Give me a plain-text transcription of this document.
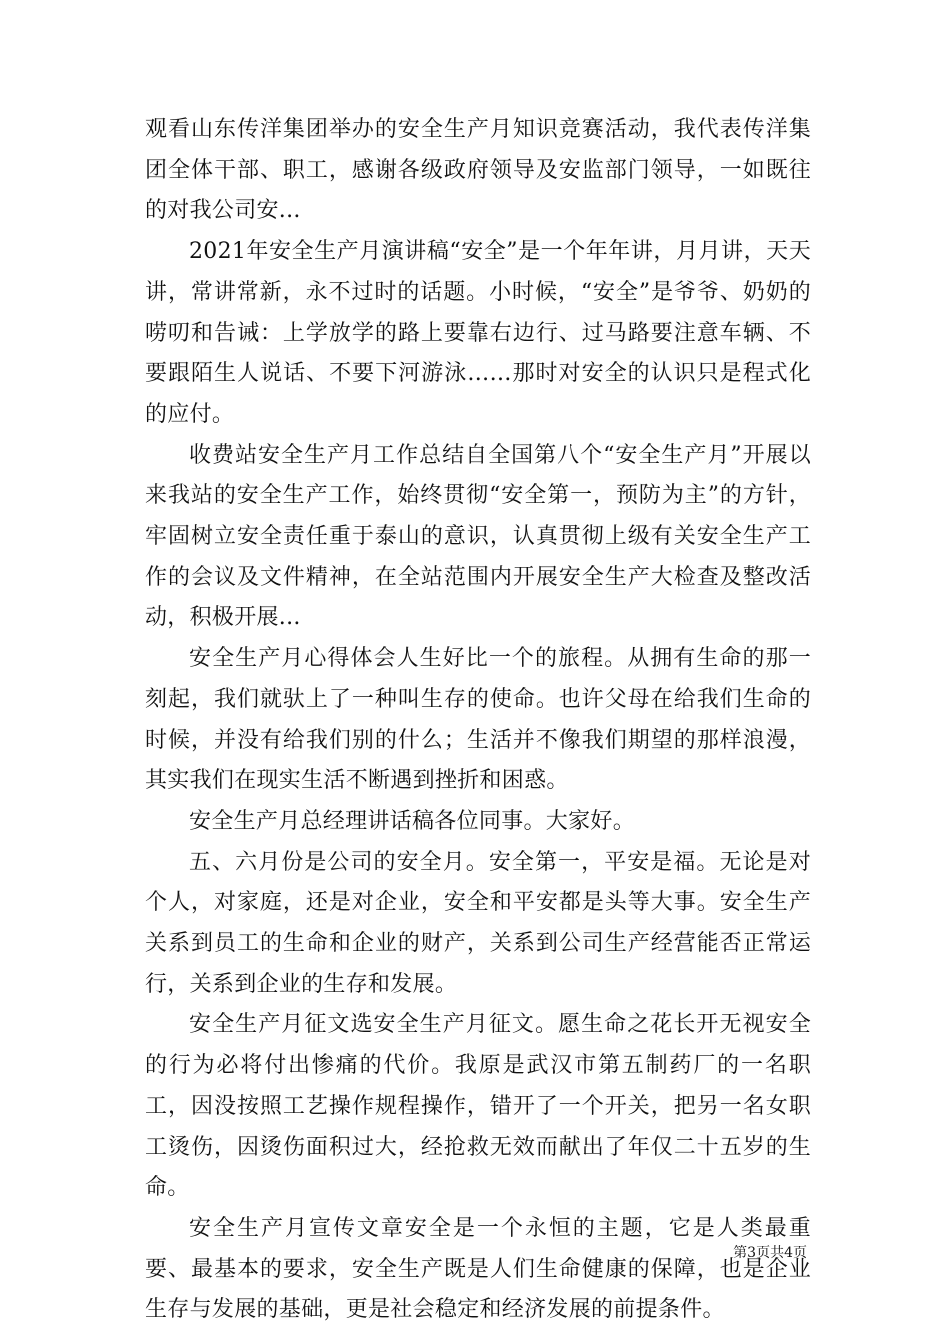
观看山东传洋集团举办的安全生产月知识竞赛活动，我代表传洋集团全体干部、职工，感谢各级政府领导及安监部门领导，一如既往的对我公司安...

2021年安全生产月演讲稿“安全”是一个年年讲，月月讲，天天讲，常讲常新，永不过时的话题。小时候，“安全”是爷爷、奶奶的唠叨和告诫：上学放学的路上要靠右边行、过马路要注意车辆、不要跟陌生人说话、不要下河游泳……那时对安全的认识只是程式化的应付。

收费站安全生产月工作总结自全国第八个“安全生产月”开展以来我站的安全生产工作，始终贯彻“安全第一，预防为主”的方针，牢固树立安全责任重于泰山的意识，认真贯彻上级有关安全生产工作的会议及文件精神，在全站范围内开展安全生产大检查及整改活动，积极开展...

安全生产月心得体会人生好比一个的旅程。从拥有生命的那一刻起，我们就驮上了一种叫生存的使命。也许父母在给我们生命的时候，并没有给我们别的什么；生活并不像我们期望的那样浪漫，其实我们在现实生活不断遇到挫折和困惑。

安全生产月总经理讲话稿各位同事。大家好。

五、六月份是公司的安全月。安全第一，平安是福。无论是对个人，对家庭，还是对企业，安全和平安都是头等大事。安全生产关系到员工的生命和企业的财产，关系到公司生产经营能否正常运行，关系到企业的生存和发展。

安全生产月征文选安全生产月征文。愿生命之花长开无视安全的行为必将付出惨痛的代价。我原是武汉市第五制药厂的一名职工，因没按照工艺操作规程操作，错开了一个开关，把另一名女职工烫伤，因烫伤面积过大，经抢救无效而献出了年仅二十五岁的生命。

安全生产月宣传文章安全是一个永恒的主题，它是人类最重要、最基本的要求，安全生产既是人们生命健康的保障，也是企业生存与发展的基础，更是社会稳定和经济发展的前提条件。

第3页共4页
